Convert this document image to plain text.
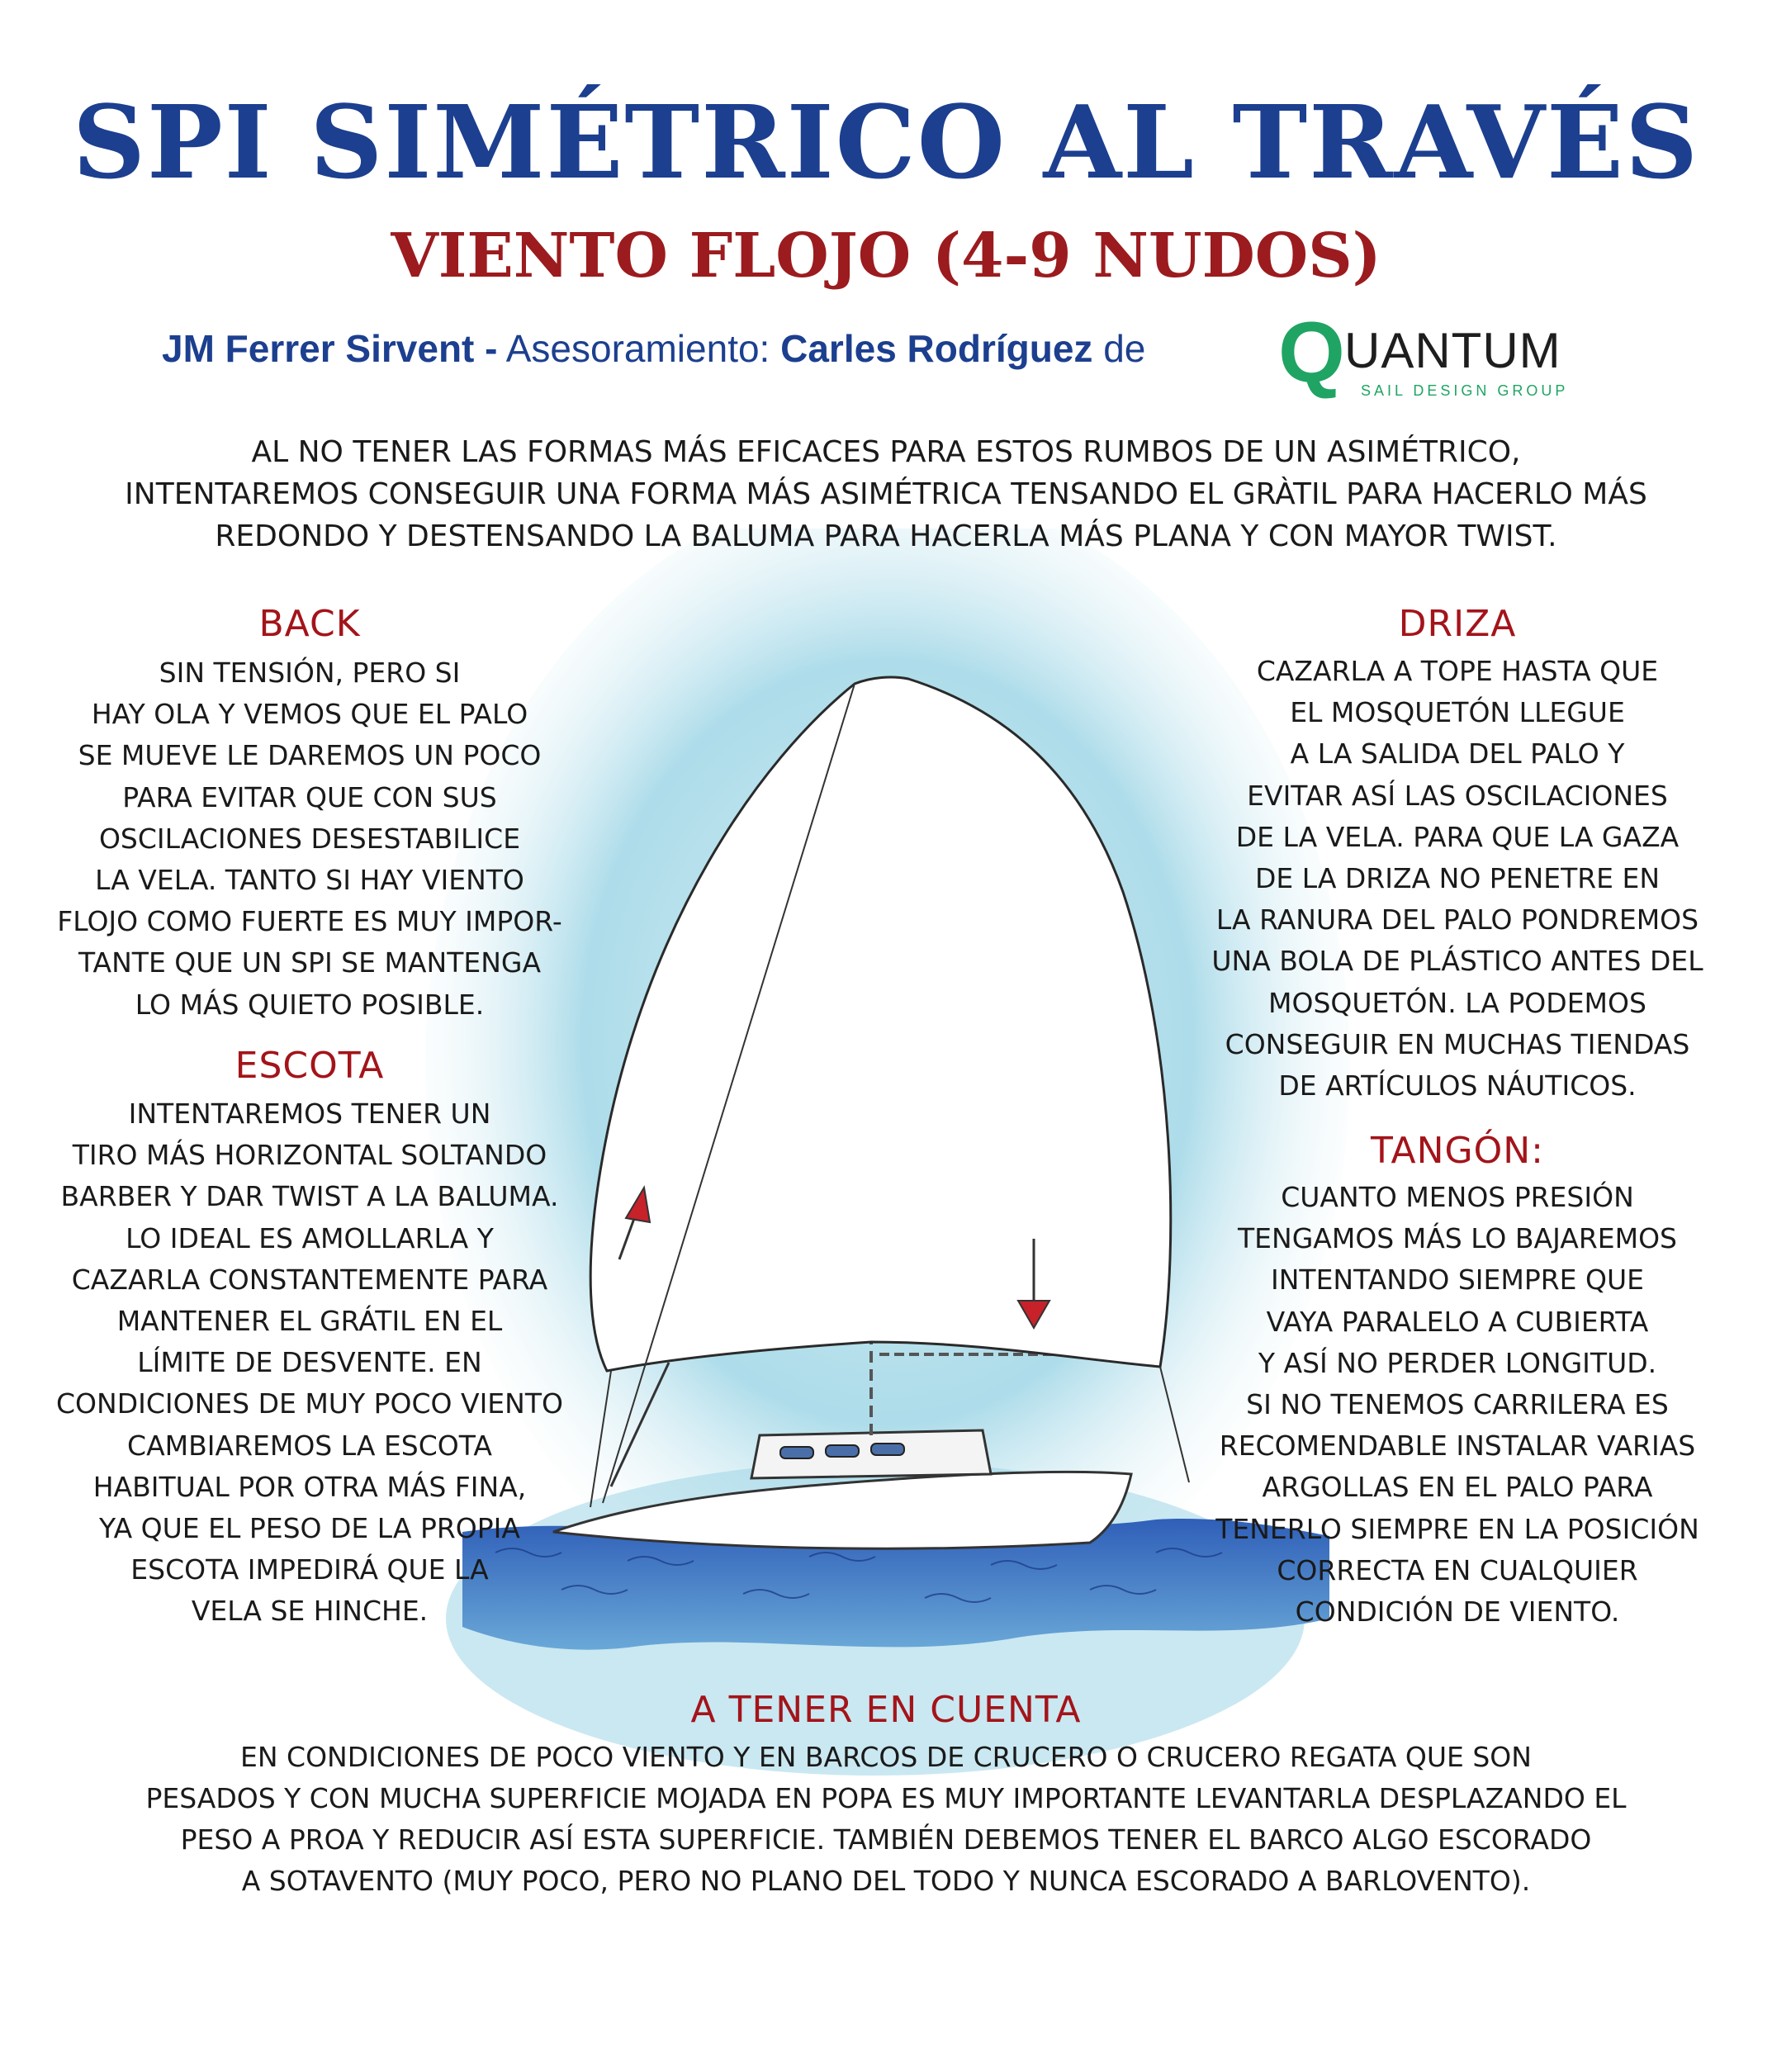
SPI SIMÉTRICO AL TRAVÉS
VIENTO FLOJO (4-9 NUDOS)
JM Ferrer Sirvent - Asesoramiento: Carles Rodríguez de Q UANTUM
SAIL DESIGN GROUP
AL NO TENER LAS FORMAS MÁS EFICACES PARA ESTOS RUMBOS DE UN ASIMÉTRICO,
INTENTAREMOS CONSEGUIR UNA FORMA MÁS ASIMÉTRICA TENSANDO EL GRÀTIL PARA HACERLO MÁS
REDONDO Y DESTENSANDO LA BALUMA PARA HACERLA MÁS PLANA Y CON MAYOR TWIST.
BACK
SIN TENSIÓN, PERO SI
HAY OLA Y VEMOS QUE EL PALO
SE MUEVE LE DAREMOS UN POCO
PARA EVITAR QUE CON SUS
OSCILACIONES DESESTABILICE
LA VELA. TANTO SI HAY VIENTO
FLOJO COMO FUERTE ES MUY IMPOR-
TANTE QUE UN SPI SE MANTENGA
LO MÁS QUIETO POSIBLE.
ESCOTA
INTENTAREMOS TENER UN
TIRO MÁS HORIZONTAL SOLTANDO
BARBER Y DAR TWIST A LA BALUMA.
LO IDEAL ES AMOLLARLA Y
CAZARLA CONSTANTEMENTE PARA
MANTENER EL GRÁTIL EN EL
LÍMITE DE DESVENTE. EN
CONDICIONES DE MUY POCO VIENTO
CAMBIAREMOS LA ESCOTA
HABITUAL POR OTRA MÁS FINA,
YA QUE EL PESO DE LA PROPIA
ESCOTA IMPEDIRÁ QUE LA
VELA SE HINCHE.
DRIZA
CAZARLA A TOPE HASTA QUE
EL MOSQUETÓN LLEGUE
A LA SALIDA DEL PALO Y
EVITAR ASÍ LAS OSCILACIONES
DE LA VELA. PARA QUE LA GAZA
DE LA DRIZA NO PENETRE EN
LA RANURA DEL PALO PONDREMOS
UNA BOLA DE PLÁSTICO ANTES DEL
MOSQUETÓN. LA PODEMOS
CONSEGUIR EN MUCHAS TIENDAS
DE ARTÍCULOS NÁUTICOS.
TANGÓN:
CUANTO MENOS PRESIÓN
TENGAMOS MÁS LO BAJAREMOS
INTENTANDO SIEMPRE QUE
VAYA PARALELO A CUBIERTA
Y ASÍ NO PERDER LONGITUD.
SI NO TENEMOS CARRILERA ES
RECOMENDABLE INSTALAR VARIAS
ARGOLLAS EN EL PALO PARA
TENERLO SIEMPRE EN LA POSICIÓN
CORRECTA EN CUALQUIER
CONDICIÓN DE VIENTO.
A TENER EN CUENTA
EN CONDICIONES DE POCO VIENTO Y EN BARCOS DE CRUCERO O CRUCERO REGATA QUE SON
PESADOS Y CON MUCHA SUPERFICIE MOJADA EN POPA ES MUY IMPORTANTE LEVANTARLA DESPLAZANDO EL
PESO A PROA Y REDUCIR ASÍ ESTA SUPERFICIE. TAMBIÉN DEBEMOS TENER EL BARCO ALGO ESCORADO
A SOTAVENTO (MUY POCO, PERO NO PLANO DEL TODO Y NUNCA ESCORADO A BARLOVENTO).
